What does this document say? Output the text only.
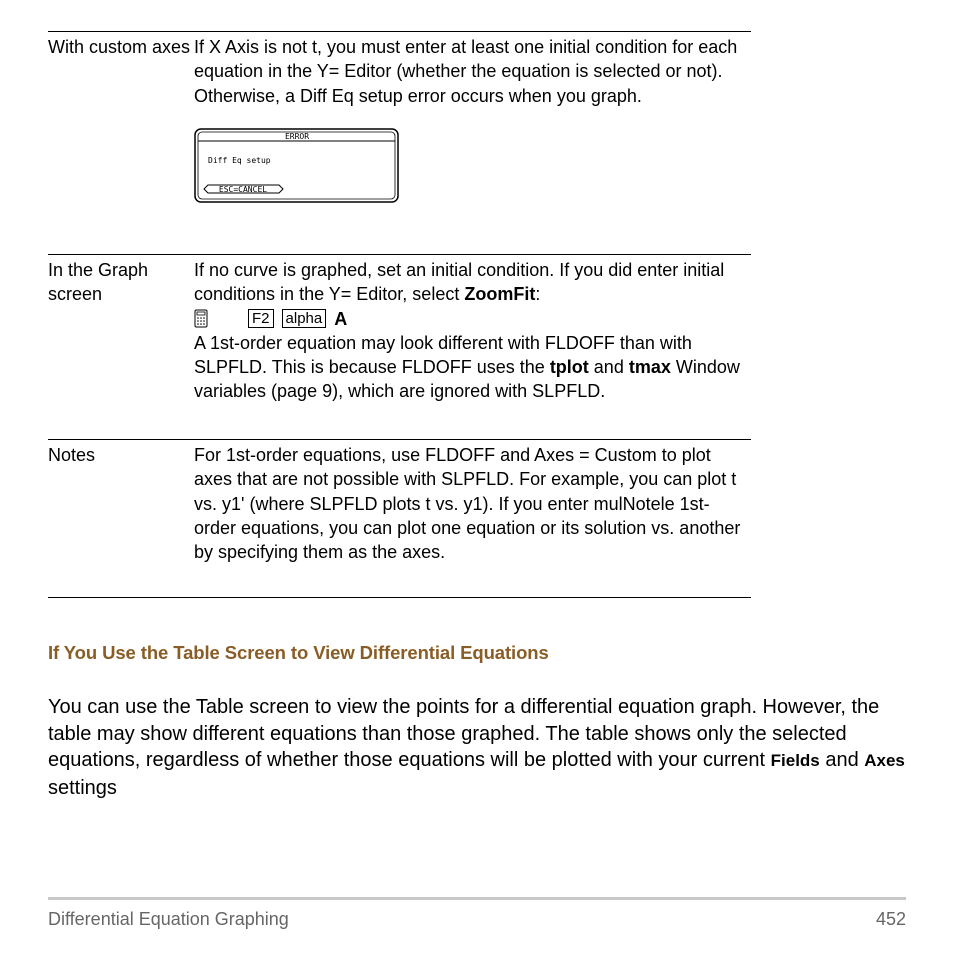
With custom axes If X Axis is not t, you must enter at least one initial condition for each equation in the Y= Editor (whether the equation is selected or not).

Otherwise, a Diff Eq setup error occurs when you graph.

ERROR
Diff Eq setup
ESC=CANCEL
In the Graph screen

If no curve is graphed, set an initial condition. If you did enter initial conditions in the Y= Editor, select ZoomFit:

F2 alpha A

A 1st-order equation may look different with FLDOFF than with SLPFLD. This is because FLDOFF uses the tplot and tmax Window variables (page 9), which are ignored with SLPFLD.

Notes	For 1st-order equations, use FLDOFF and Axes = Custom to plot axes that are not possible with SLPFLD. For example, you can plot t vs. y1' (where SLPFLD plots t vs. y1). If you enter mulNotele 1st-order equations, you can plot one equation or its solution vs. another by specifying them as the axes.

If You Use the Table Screen to View Differential Equations

You can use the Table screen to view the points for a differential equation graph. However, the table may show different equations than those graphed. The table shows only the selected equations, regardless of whether those equations will be plotted with your current Fields and Axes settings

Differential Equation Graphing	452
